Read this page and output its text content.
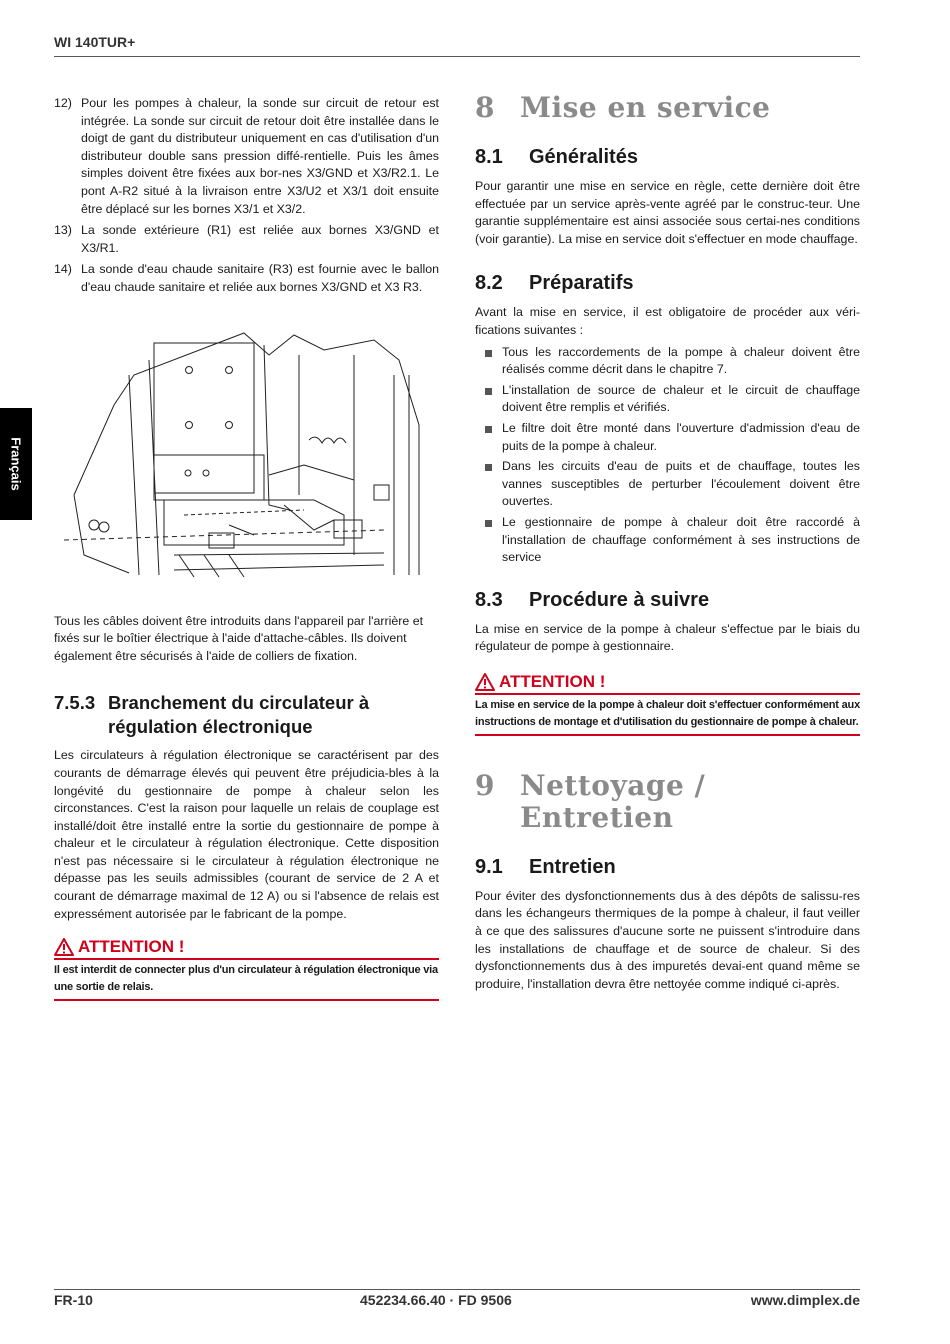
WI 140TUR+
Français
12) Pour les pompes à chaleur, la sonde sur circuit de retour est intégrée. La sonde sur circuit de retour doit être installée dans le doigt de gant du distributeur uniquement en cas d'utilisation d'un distributeur double sans pression diffé-rentielle. Puis les âmes simples doivent être fixées aux bor-nes X3/GND et X3/R2.1. Le pont A-R2 situé à la livraison entre X3/U2 et X3/1 doit ensuite être déplacé sur les bornes X3/1 et X3/2.
13) La sonde extérieure (R1) est reliée aux bornes X3/GND et X3/R1.
14) La sonde d'eau chaude sanitaire (R3) est fournie avec le ballon d'eau chaude sanitaire et reliée aux bornes X3/GND et X3 R3.

Tous les câbles doivent être introduits dans l'appareil par l'arrière et fixés sur le boîtier électrique à l'aide d'attache-câbles. Ils doivent également être sécurisés à l'aide de colliers de fixation.

7.5.3 Branchement du circulateur à régulation électronique

Les circulateurs à régulation électronique se caractérisent par des courants de démarrage élevés qui peuvent être préjudicia-bles à la longévité du gestionnaire de pompe à chaleur selon les circonstances. C'est la raison pour laquelle un relais de couplage est installé/doit être installé entre la sortie du gestionnaire de pompe à chaleur et le circulateur à régulation électronique. Cette disposition n'est pas nécessaire si le circulateur à régulation électronique ne dépasse pas les seuils admissibles (courant de service de 2 A et courant de démarrage maximal de 12 A) ou si l'absence de relais est expressément autorisée par le fabricant de la pompe.

ATTENTION !
Il est interdit de connecter plus d'un circulateur à régulation électronique via une sortie de relais.
8 Mise en service
8.1 Généralités

Pour garantir une mise en service en règle, cette dernière doit être effectuée par un service après-vente agréé par le construc-teur. Une garantie supplémentaire est ainsi associée sous certai-nes conditions (voir garantie). La mise en service doit s'effectuer en mode chauffage.

8.2 Préparatifs

Avant la mise en service, il est obligatoire de procéder aux véri-fications suivantes :

Tous les raccordements de la pompe à chaleur doivent être réalisés comme décrit dans le chapitre 7.
L'installation de source de chaleur et le circuit de chauffage doivent être remplis et vérifiés.
Le filtre doit être monté dans l'ouverture d'admission d'eau de puits de la pompe à chaleur.
Dans les circuits d'eau de puits et de chauffage, toutes les vannes susceptibles de perturber l'écoulement doivent être ouvertes.
Le gestionnaire de pompe à chaleur doit être raccordé à l'installation de chauffage conformément à ses instructions de service
8.3 Procédure à suivre

La mise en service de la pompe à chaleur s'effectue par le biais du régulateur de pompe à gestionnaire.

ATTENTION !
La mise en service de la pompe à chaleur doit s'effectuer conformément aux instructions de montage et d'utilisation du gestionnaire de pompe à chaleur.
9 Nettoyage / Entretien
9.1 Entretien

Pour éviter des dysfonctionnements dus à des dépôts de salissu-res dans les échangeurs thermiques de la pompe à chaleur, il faut veiller à ce que des salissures d'aucune sorte ne puissent s'introduire dans les installations de chauffage et de source de chaleur. Si des dysfonctionnements dus à des impuretés devai-ent quand même se produire, l'installation devra être nettoyée comme indiqué ci-après.

FR-10	452234.66.40 · FD 9506	www.dimplex.de
